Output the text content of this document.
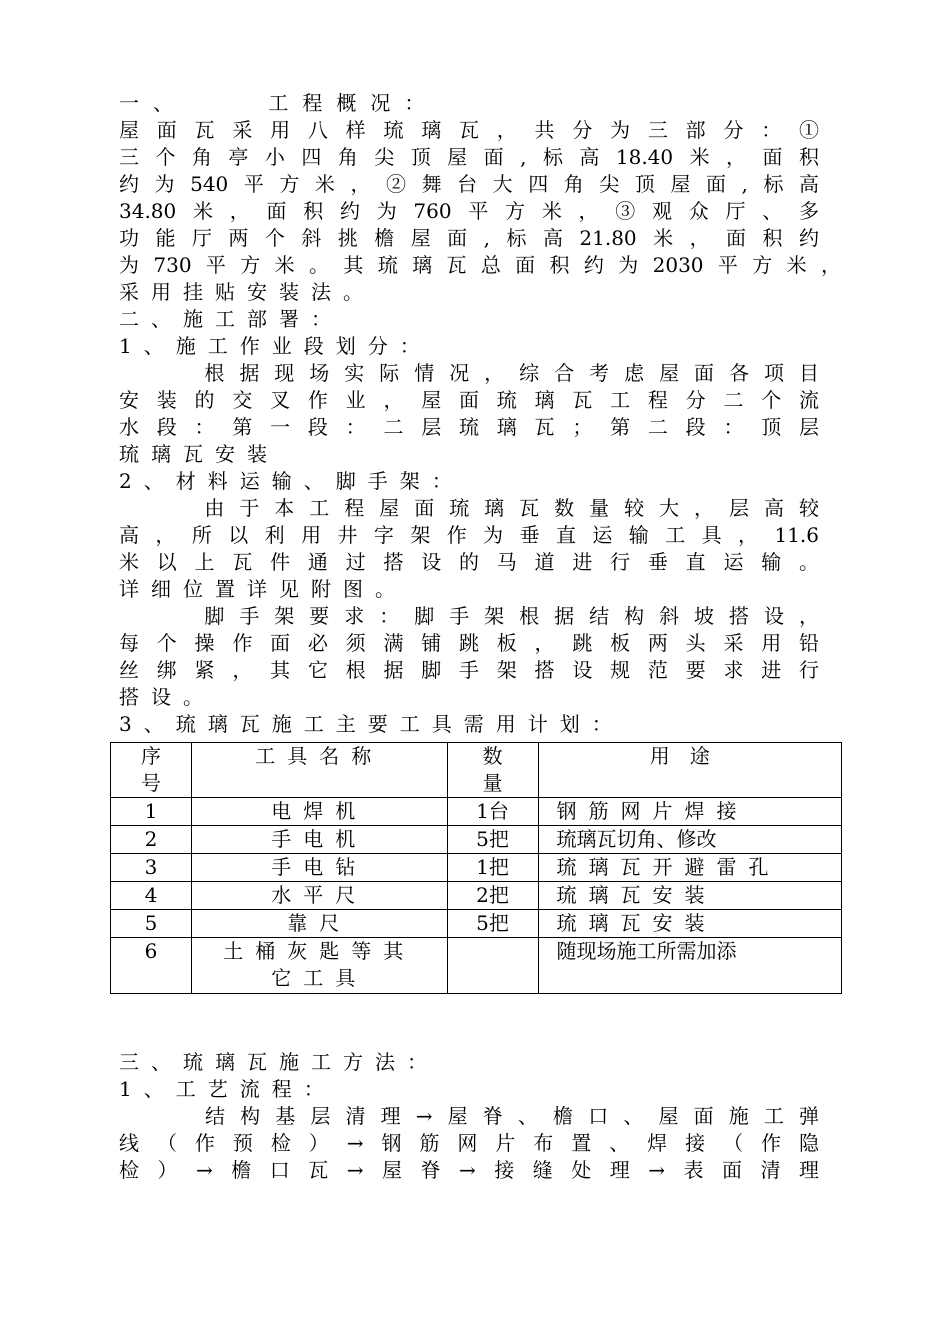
一、    工程概况：
屋面瓦采用八样琉璃瓦，共分为三部分：①
三个角亭小四角尖顶屋面,标高18.40米，面积
约为540平方米，②舞台大四角尖顶屋面,标高
34.80米，面积约为760平方米，③观众厅、多
功能厅两个斜挑檐屋面,标高21.80米，面积约
为730平方米。其琉璃瓦总面积约为2030平方米，
采用挂贴安装法。
二、施工部署：
1、施工作业段划分：
根据现场实际情况，综合考虑屋面各项目
安装的交叉作业，屋面琉璃瓦工程分二个流
水段：第一段：二层琉璃瓦；第二段：顶层
琉璃瓦安装
2、材料运输、脚手架：
由于本工程屋面琉璃瓦数量较大，层高较
高，所以利用井字架作为垂直运输工具，11.6
米以上瓦件通过搭设的马道进行垂直运输。
详细位置详见附图。
脚手架要求：脚手架根据结构斜坡搭设，
每个操作面必须满铺跳板，跳板两头采用铅
丝绑紧，其它根据脚手架搭设规范要求进行
搭设。
3、琉璃瓦施工主要工具需用计划：
序号	工具名称	数量	用途
1	电焊机	1台	钢筋网片焊接
2	手电机	5把	琉璃瓦切角、修改
3	手电钻	1把	琉璃瓦开避雷孔
4	水平尺	2把	琉璃瓦安装
5	靠尺	5把	琉璃瓦安装
6	土桶灰匙等其它工具		随现场施工所需加添
三、琉璃瓦施工方法：
1、工艺流程：
结构基层清理→屋脊、檐口、屋面施工弹
线（作预检）→钢筋网片布置、焊接（作隐
检）→檐口瓦→屋脊→接缝处理→表面清理
